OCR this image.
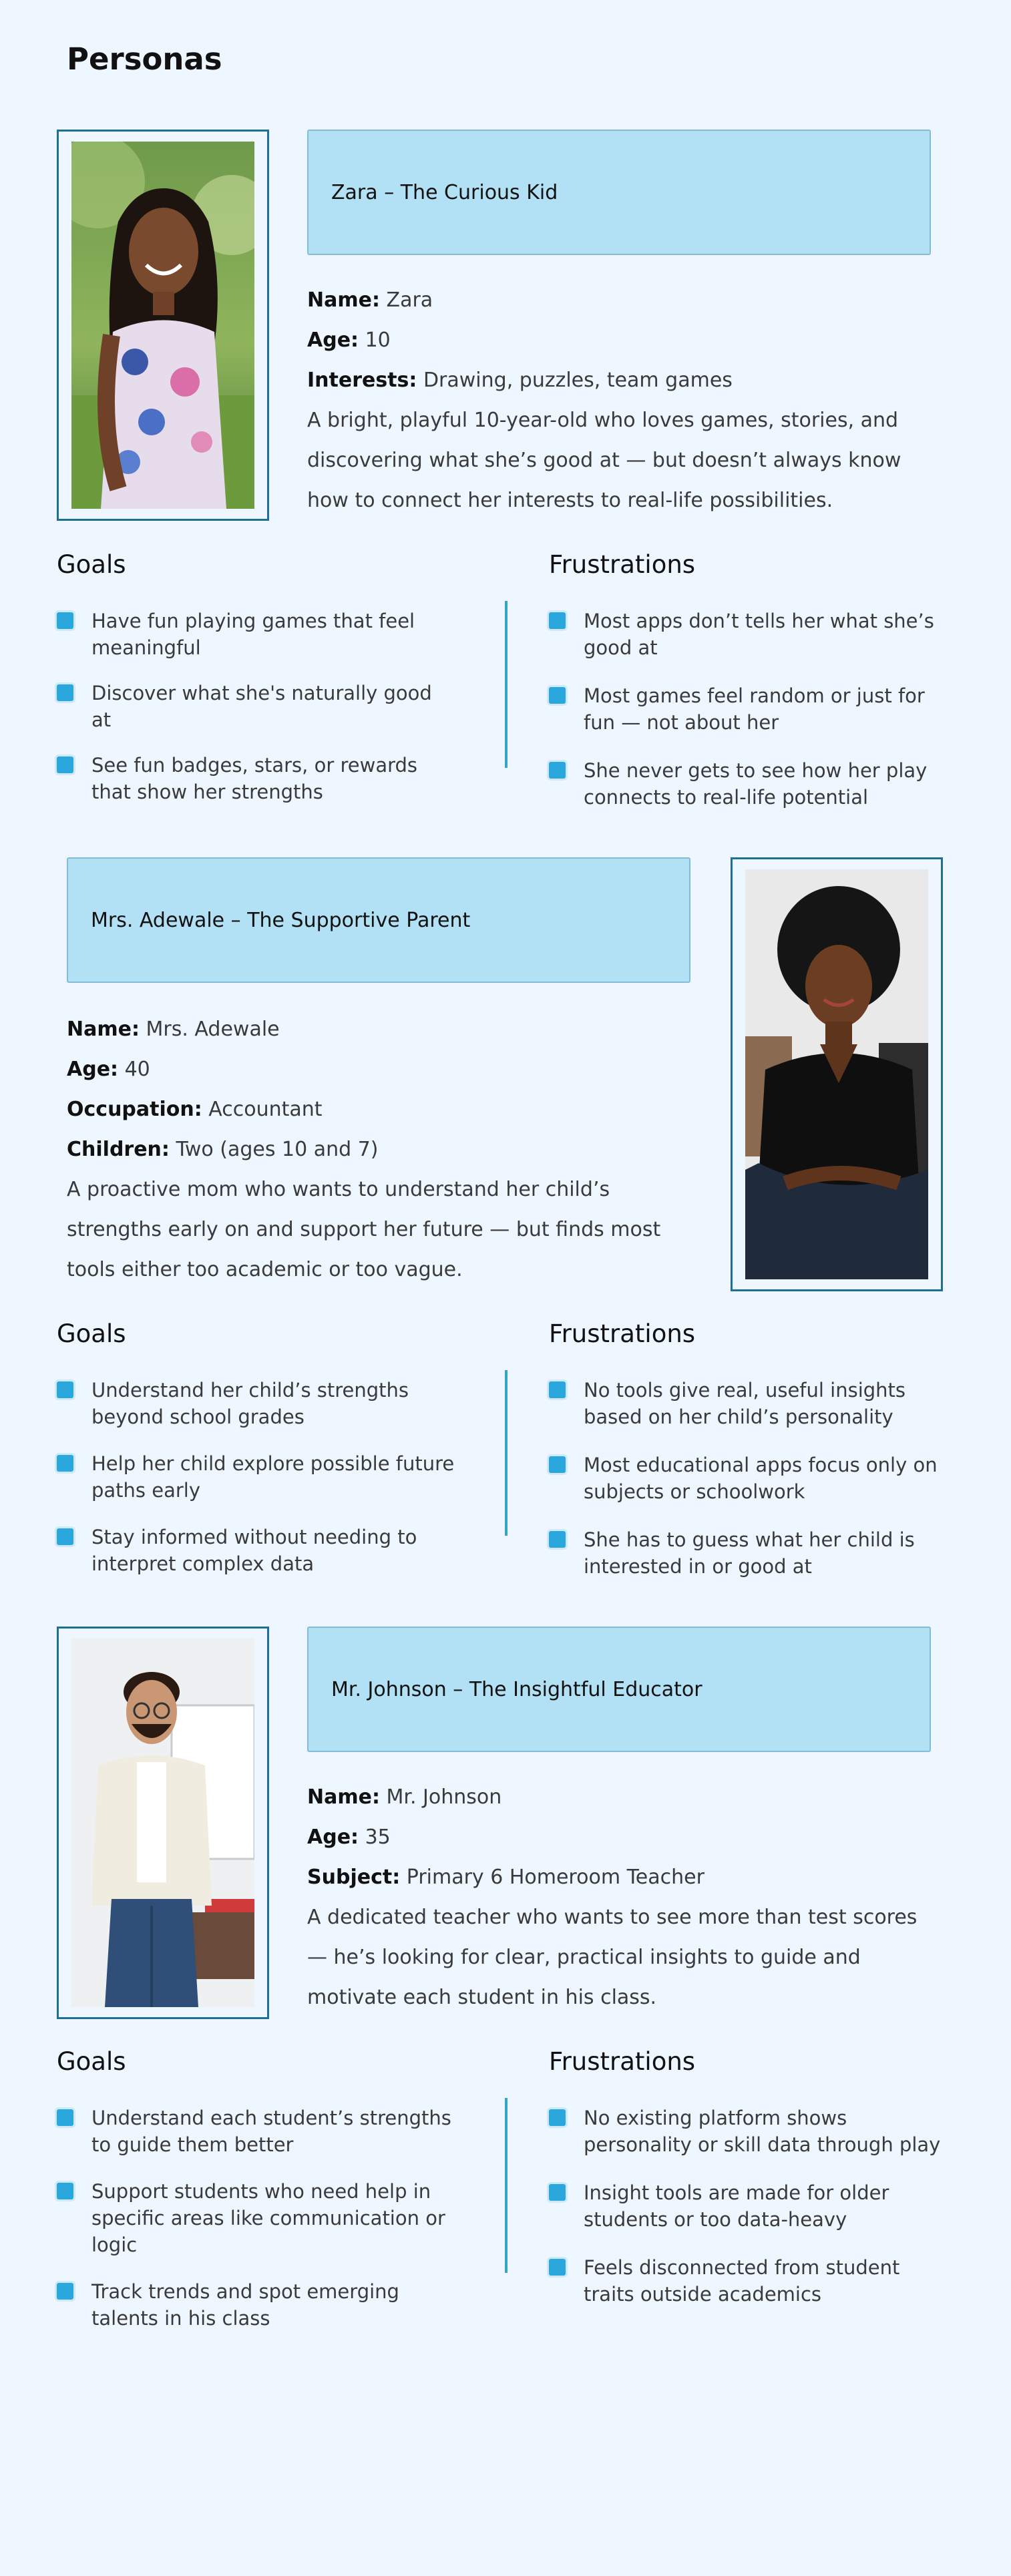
Personas
Zara – The Curious Kid
Name: Zara
Age: 10
Interests: Drawing, puzzles, team games
A bright, playful 10-year-old who loves games, stories, and discovering what she’s good at — but doesn’t always know how to connect her interests to real-life possibilities.
Goals	Frustrations
Have fun playing games that feel meaningful
Discover what she's naturally good at
See fun badges, stars, or rewards that show her strengths
Most apps don’t tells her what she’s good at
Most games feel random or just for fun — not about her
She never gets to see how her play connects to real-life potential
Mrs. Adewale – The Supportive Parent
Name: Mrs. Adewale
Age: 40
Occupation: Accountant
Children: Two (ages 10 and 7)
A proactive mom who wants to understand her child’s strengths early on and support her future — but finds most tools either too academic or too vague.
Goals	Frustrations
Understand her child’s strengths beyond school grades
Help her child explore possible future paths early
Stay informed without needing to interpret complex data
No tools give real, useful insights based on her child’s personality
Most educational apps focus only on subjects or schoolwork
She has to guess what her child is interested in or good at
Mr. Johnson – The Insightful Educator
Name: Mr. Johnson
Age: 35
Subject: Primary 6 Homeroom Teacher
A dedicated teacher who wants to see more than test scores — he’s looking for clear, practical insights to guide and motivate each student in his class.
Goals	Frustrations
Understand each student’s strengths to guide them better
Support students who need help in specific areas like communication or logic
Track trends and spot emerging talents in his class
No existing platform shows personality or skill data through play
Insight tools are made for older students or too data-heavy
Feels disconnected from student traits outside academics
